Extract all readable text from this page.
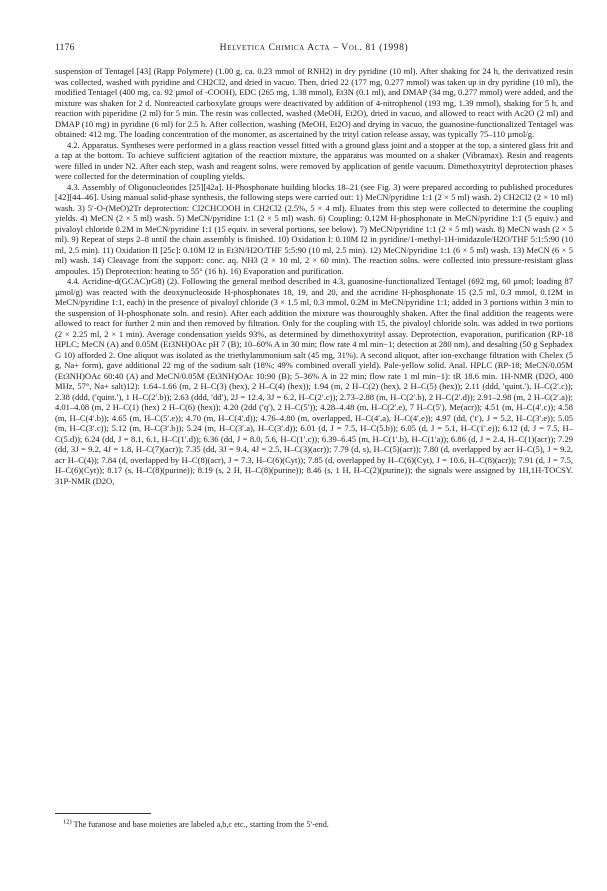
1176	Helvetica Chimica Acta – Vol. 81 (1998)

suspension of Tentagel [43] (Rapp Polymere) (1.00 g, ca. 0.23 mmol of RNH2) in dry pyridine (10 ml). After shaking for 24 h, the derivatized resin was collected, washed with pyridine and CH2Cl2, and dried in vacuo. Then, dried 22 (177 mg, 0.277 mmol) was taken up in dry pyridine (10 ml), the modified Tentagel (400 mg, ca. 92 µmol of -COOH), EDC (265 mg, 1.38 mmol), Et3N (0.1 ml), and DMAP (34 mg, 0.277 mmol) were added, and the mixture was shaken for 2 d. Nonreacted carboxylate groups were deactivated by addition of 4-nitrophenol (193 mg, 1.39 mmol), shaking for 5 h, and reaction with piperidine (2 ml) for 5 min. The resin was collected, washed (MeOH, Et2O), dried in vacuo, and allowed to react with Ac2O (2 ml) and DMAP (10 mg) in pyridine (6 ml) for 2.5 h. After collection, washing (MeOH, Et2O) and drying in vacuo, the guanosine-functionalized Tentagel was obtained: 412 mg. The loading concentration of the monomer, as ascertained by the trityl cation release assay, was typically 75–110 µmol/g.

4.2. Apparatus. Syntheses were performed in a glass reaction vessel fitted with a ground glass joint and a stopper at the top, a sintered glass frit and a tap at the bottom. To achieve sufficient agitation of the reaction mixture, the apparatus was mounted on a shaker (Vibramax). Resin and reagents were filled in under N2. After each step, wash and reagent solns. were removed by application of gentle vacuum. Dimethoxytrityl deprotection phases were collected for the determination of coupling yields.

4.3. Assembly of Oligonucleotides [25][42a]. H-Phosphonate building blocks 18–21 (see Fig. 3) were prepared according to published procedures [42][44–46]. Using manual solid-phase synthesis, the following steps were carried out: 1) MeCN/pyridine 1:1 (2 × 5 ml) wash. 2) CH2Cl2 (2 × 10 ml) wash. 3) 5′-O-(MeO)2Tr deprotection: Cl2CHCOOH in CH2Cl2 (2.5%, 5 × 4 ml). Eluates from this step were collected to determine the coupling yields. 4) MeCN (2 × 5 ml) wash. 5) MeCN/pyridine 1:1 (2 × 5 ml) wash. 6) Coupling: 0.12M H-phosphonate in MeCN/pyridine 1:1 (5 equiv.) and pivaloyl chloride 0.2M in MeCN/pyridine 1:1 (15 equiv. in several portions, see below). 7) MeCN/pyridine 1:1 (2 × 5 ml) wash. 8) MeCN wash (2 × 5 ml). 9) Repeat of steps 2–8 until the chain assembly is finished. 10) Oxidation I: 0.10M I2 in pyridine/1-methyl-1H-imidazole/H2O/THF 5:1:5:90 (10 ml, 2.5 min). 11) Oxidation II [25c]: 0.10M I2 in Et3N/H2O/THF 5:5:90 (10 ml, 2.5 min). 12) MeCN/pyridine 1:1 (6 × 5 ml) wash. 13) MeCN (6 × 5 ml) wash. 14) Cleavage from the support: conc. aq. NH3 (2 × 10 ml, 2 × 60 min). The reaction solns. were collected into pressure-resistant glass ampoules. 15) Deprotection: heating to 55° (16 h). 16) Evaporation and purification.

4.4. Acridine-d(GCAC)rG8) (2). Following the general method described in 4.3, guanosine-functionalized Tentagel (692 mg, 60 µmol; loading 87 µmol/g) was reacted with the deoxynucleoside H-phosphonates 18, 19, and 20, and the acridine H-phosphonate 15 (2.5 ml, 0.3 mmol, 0.12M in MeCN/pyridine 1:1, each) in the presence of pivaloyl chloride (3 × 1.5 ml, 0.3 mmol, 0.2M in MeCN/pyridine 1:1; added in 3 portions within 3 min to the suspension of H-phosphonate soln. and resin). After each addition the mixture was thouroughly shaken. After the final addition the reagents were allowed to react for further 2 min and then removed by filtration. Only for the coupling with 15, the pivaloyl chloride soln. was added in two portions (2 × 2.25 ml, 2 × 1 min). Average condensation yields 93%, as determined by dimethoxytrityl assay. Deprotection, evaporation, purification (RP-18 HPLC; MeCN (A) and 0.05M (Et3NH)OAc pH 7 (B); 10–60% A in 30 min; flow rate 4 ml min−1; detection at 280 nm), and desalting (50 g Sephadex G 10) afforded 2. One aliquot was isolated as the triethylammonium salt (45 mg, 31%). A second aliquot, after ion-exchange filtration with Chelex (5 g, Na+ form), gave additional 22 mg of the sodium salt (18%; 49% combined overall yield). Pale-yellow solid. Anal. HPLC (RP-18; MeCN/0.05M (Et3NH)OAc 60:40 (A) and MeCN/0.05M (Et3NH)OAc 10:90 (B); 5–36% A in 22 min; flow rate 1 ml min−1): tR 18.6 min. 1H-NMR (D2O, 400 MHz, 57°, Na+ salt)12): 1.64–1.66 (m, 2 H–C(3) (hex), 2 H–C(4) (hex)); 1.94 (m, 2 H–C(2) (hex), 2 H–C(5) (hex)); 2.11 (ddd, ′quint.′), H–C(2′.c)); 2.38 (ddd, (′quint.′), 1 H–C(2′.b)); 2.63 (ddd, ′dd′), 2J = 12.4, 3J = 6.2, H–C(2′.c)); 2.73–2.88 (m, H–C(2′.b), 2 H–C(2′.d)); 2.91–2.98 (m, 2 H–C(2′.a)); 4.01–4.08 (m, 2 H–C(1) (hex) 2 H–C(6) (hex)); 4.20 (2dd (′q′), 2 H–C(5′)); 4.28–4.48 (m, H–C(2′.e), 7 H–C(5′), Me(acr)); 4.51 (m, H–C(4′.c)); 4.58 (m, H–C(4′.b)); 4.65 (m, H–C(5′.e)); 4.70 (m, H–C(4′.d)); 4.76–4.80 (m, overlapped, H–C(4′.a), H–C(4′.e)); 4.97 (dd, (′t′), J = 5.2, H–C(3′.e)); 5.05 (m, H–C(3′.c)); 5.12 (m, H–C(3′.b)); 5.24 (m, H–C(3′.a), H–C(3′.d)); 6.01 (d, J = 7.5, H–C(5.b)); 6.05 (d, J = 5.1, H–C(1′.e)); 6.12 (d, J = 7.5, H–C(5.d)); 6.24 (dd, J = 8.1, 6.1, H–C(1′.d)); 6.36 (dd, J = 8.0, 5.6, H–C(1′.c)); 6.39–6.45 (m, H–C(1′.b), H–C(1′a)); 6.86 (d, J = 2.4, H–C(1)(acr)); 7.29 (dd, 3J = 9.2, 4J = 1.8, H–C(7)(acr)); 7.35 (dd, 3J = 9.4, 4J = 2.5, H–C(3)(acr)); 7.79 (d, s), H–C(5)(acr)); 7.80 (d, overlapped by acr H–C(5), J = 9.2, acr H–C(4)); 7.84 (d, overlapped by H–C(8)(acr), J = 7.3, H–C(6)(Cyt)); 7.85 (d, overlapped by H–C(6)(Cyt), J = 10.6, H–C(8)(acr)); 7.91 (d, J = 7.5, H–C(6)(Cyt)); 8.17 (s, H–C(8)(purine)); 8.19 (s, 2 H, H–C(8)(purine)); 8.46 (s, 1 H, H–C(2)(purine)); the signals were assigned by 1H,1H-TOCSY. 31P-NMR (D2O,

$^{12)}$ The furanose and base moieties are labeled a,b,c etc., starting from the 5′-end.
